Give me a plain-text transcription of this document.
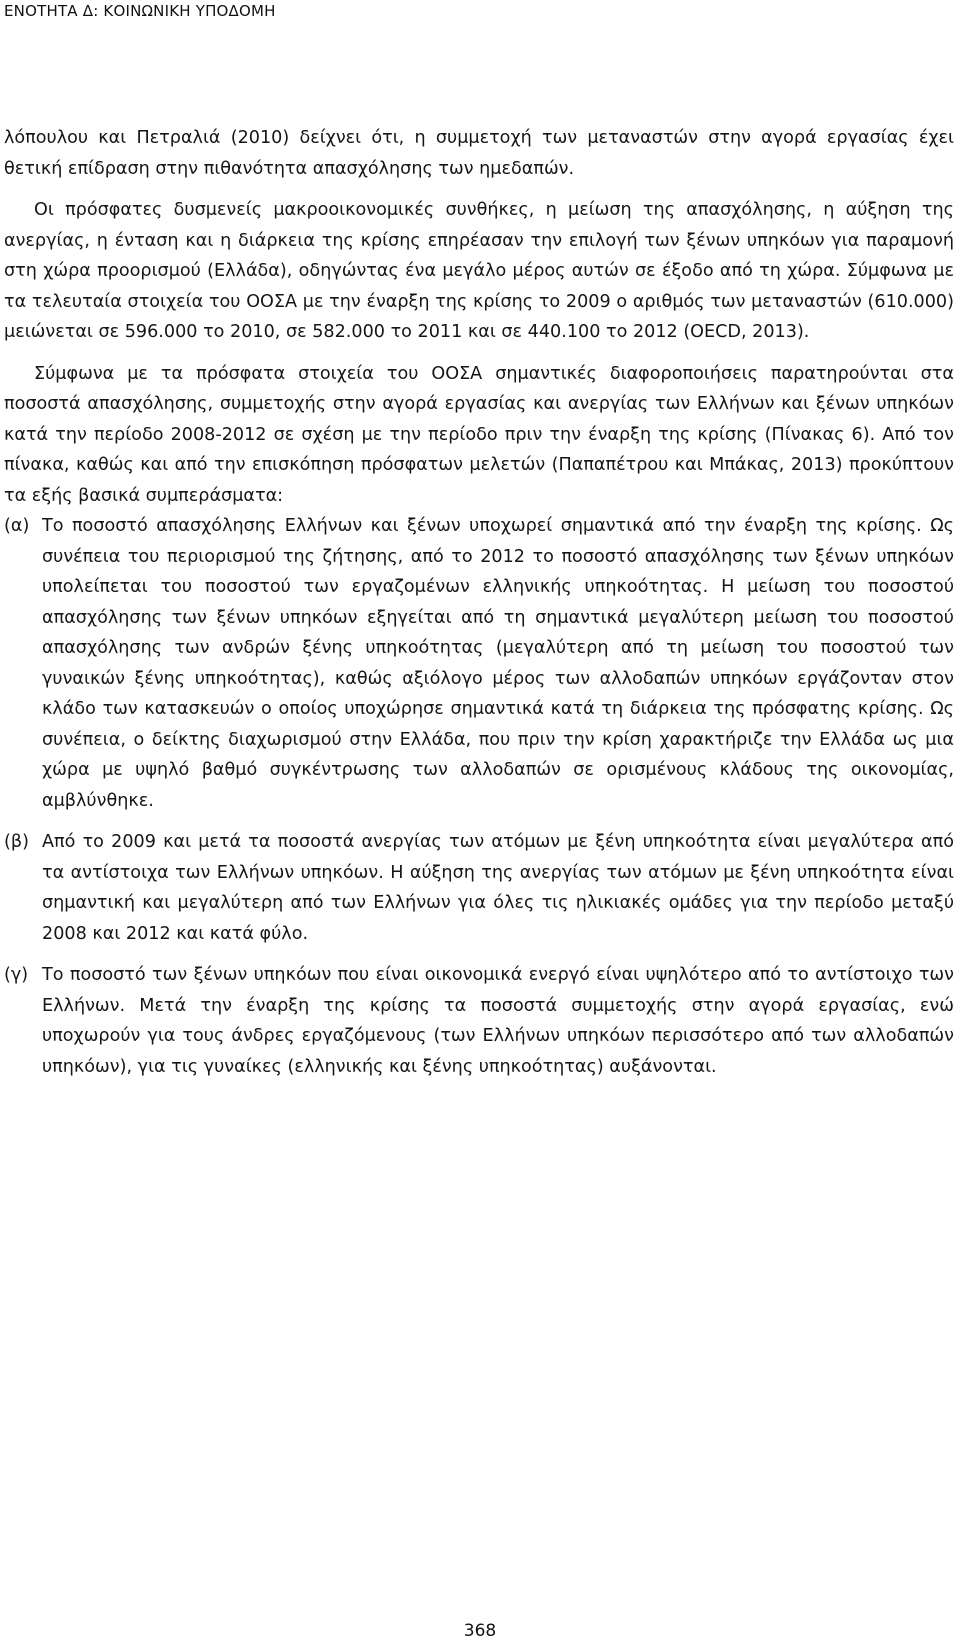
ΕΝΟΤΗΤΑ Δ: ΚΟΙΝΩΝΙΚΗ ΥΠΟΔΟΜΗ

λόπουλου και Πετραλιά (2010) δείχνει ότι, η συμμετοχή των μεταναστών στην αγορά εργασίας έχει θετική επίδραση στην πιθανότητα απασχόλησης των ημεδαπών.

Οι πρόσφατες δυσμενείς μακροοικονομικές συνθήκες, η μείωση της απασχόλησης, η αύξηση της ανεργίας, η ένταση και η διάρκεια της κρίσης επηρέασαν την επιλογή των ξένων υπηκόων για παραμονή στη χώρα προορισμού (Ελλάδα), οδηγώντας ένα μεγάλο μέρος αυτών σε έξοδο από τη χώρα. Σύμφωνα με τα τελευταία στοιχεία του ΟΟΣΑ με την έναρξη της κρίσης το 2009 ο αριθμός των μεταναστών (610.000) μειώνεται σε 596.000 το 2010, σε 582.000 το 2011 και σε 440.100 το 2012 (OECD, 2013).

Σύμφωνα με τα πρόσφατα στοιχεία του ΟΟΣΑ σημαντικές διαφοροποιήσεις παρατηρούνται στα ποσοστά απασχόλησης, συμμετοχής στην αγορά εργασίας και ανεργίας των Ελλήνων και ξένων υπηκόων κατά την περίοδο 2008-2012 σε σχέση με την περίοδο πριν την έναρξη της κρίσης (Πίνακας 6). Από τον πίνακα, καθώς και από την επισκόπηση πρόσφατων μελετών (Παπαπέτρου και Μπάκας, 2013) προκύπτουν τα εξής βασικά συμπεράσματα:

(α) Το ποσοστό απασχόλησης Ελλήνων και ξένων υποχωρεί σημαντικά από την έναρξη της κρίσης. Ως συνέπεια του περιορισμού της ζήτησης, από το 2012 το ποσοστό απασχόλησης των ξένων υπηκόων υπολείπεται του ποσοστού των εργαζομένων ελληνικής υπηκοότητας. Η μείωση του ποσοστού απασχόλησης των ξένων υπηκόων εξηγείται από τη σημαντικά μεγαλύτερη μείωση του ποσοστού απασχόλησης των ανδρών ξένης υπηκοότητας (μεγαλύτερη από τη μείωση του ποσοστού των γυναικών ξένης υπηκοότητας), καθώς αξιόλογο μέρος των αλλοδαπών υπηκόων εργάζονταν στον κλάδο των κατασκευών ο οποίος υποχώρησε σημαντικά κατά τη διάρκεια της πρόσφατης κρίσης. Ως συνέπεια, ο δείκτης διαχωρισμού στην Ελλάδα, που πριν την κρίση χαρακτήριζε την Ελλάδα ως μια χώρα με υψηλό βαθμό συγκέντρωσης των αλλοδαπών σε ορισμένους κλάδους της οικονομίας, αμβλύνθηκε.

(β) Από το 2009 και μετά τα ποσοστά ανεργίας των ατόμων με ξένη υπηκοότητα είναι μεγαλύτερα από τα αντίστοιχα των Ελλήνων υπηκόων. Η αύξηση της ανεργίας των ατόμων με ξένη υπηκοότητα είναι σημαντική και μεγαλύτερη από των Ελλήνων για όλες τις ηλικιακές ομάδες για την περίοδο μεταξύ 2008 και 2012 και κατά φύλο.

(γ) Το ποσοστό των ξένων υπηκόων που είναι οικονομικά ενεργό είναι υψηλότερο από το αντίστοιχο των Ελλήνων. Μετά την έναρξη της κρίσης τα ποσοστά συμμετοχής στην αγορά εργασίας, ενώ υποχωρούν για τους άνδρες εργαζόμενους (των Ελλήνων υπηκόων περισσότερο από των αλλοδαπών υπηκόων), για τις γυναίκες (ελληνικής και ξένης υπηκοότητας) αυξάνονται.

368
